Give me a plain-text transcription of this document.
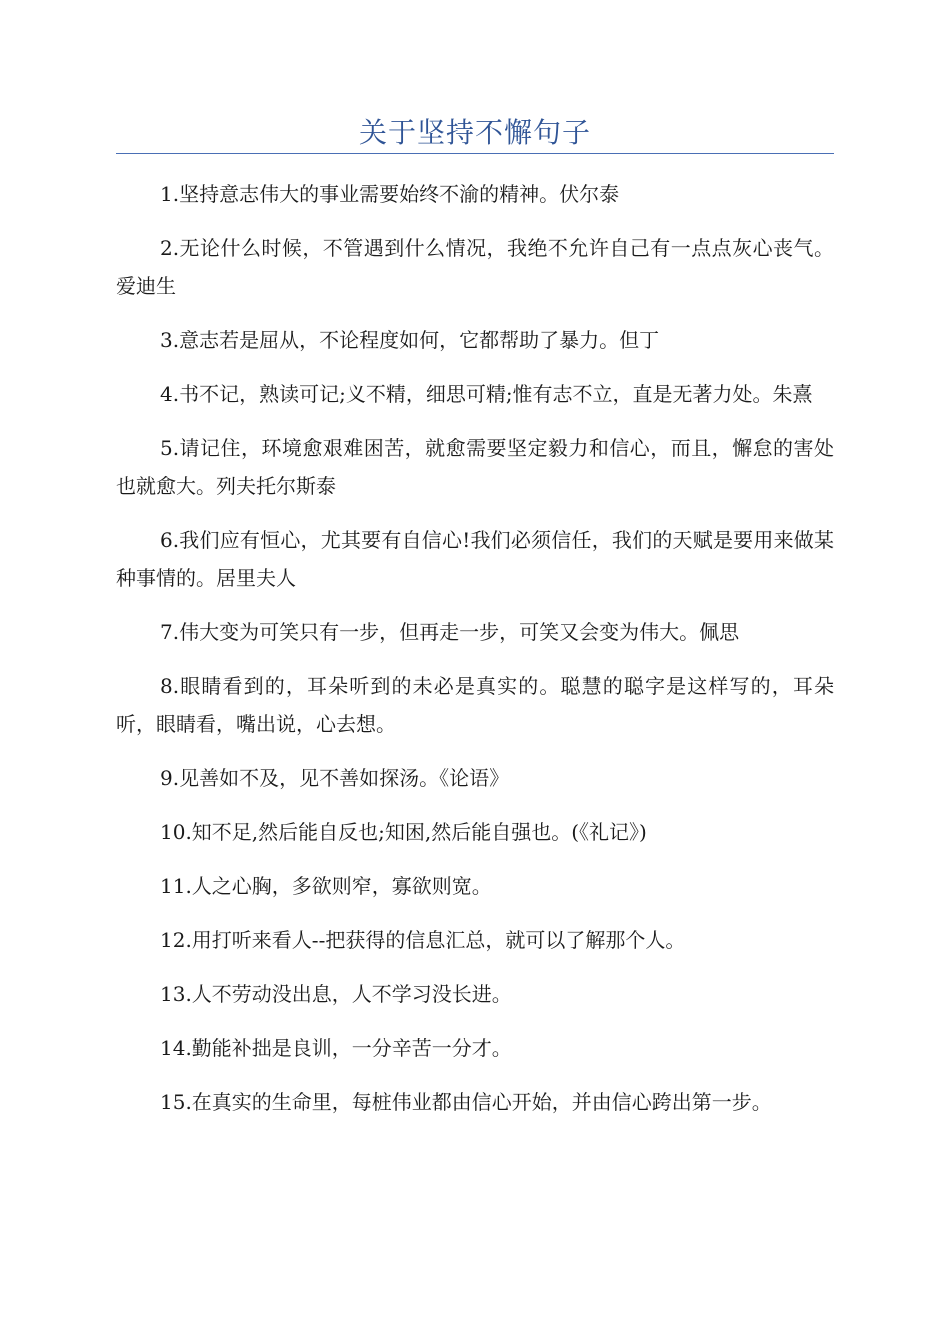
关于坚持不懈句子

1.坚持意志伟大的事业需要始终不渝的精神。伏尔泰

2.无论什么时候，不管遇到什么情况，我绝不允许自己有一点点灰心丧气。爱迪生

3.意志若是屈从，不论程度如何，它都帮助了暴力。但丁

4.书不记，熟读可记;义不精，细思可精;惟有志不立，直是无著力处。朱熹

5.请记住，环境愈艰难困苦，就愈需要坚定毅力和信心，而且，懈怠的害处也就愈大。列夫托尔斯泰

6.我们应有恒心，尤其要有自信心!我们必须信任，我们的天赋是要用来做某种事情的。居里夫人

7.伟大变为可笑只有一步，但再走一步，可笑又会变为伟大。佩思

8.眼睛看到的，耳朵听到的未必是真实的。聪慧的聪字是这样写的，耳朵听，眼睛看，嘴出说，心去想。

9.见善如不及，见不善如探汤。《论语》

10.知不足,然后能自反也;知困,然后能自强也。(《礼记》)

11.人之心胸，多欲则窄，寡欲则宽。

12.用打听来看人--把获得的信息汇总，就可以了解那个人。

13.人不劳动没出息，人不学习没长进。

14.勤能补拙是良训，一分辛苦一分才。

15.在真实的生命里，每桩伟业都由信心开始，并由信心跨出第一步。
